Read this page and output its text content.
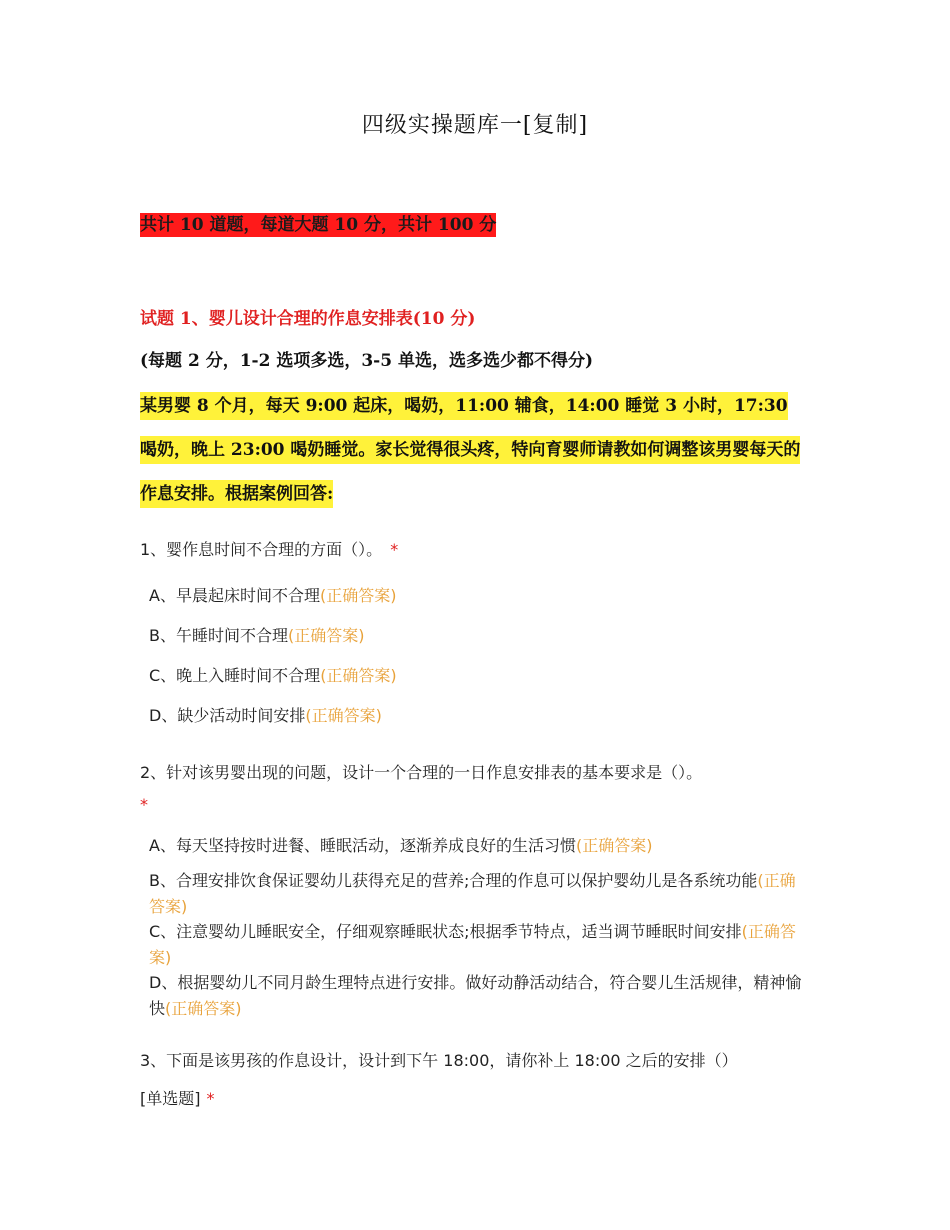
四级实操题库一[复制]
共计 10 道题，每道大题 10 分，共计 100 分
试题 1、婴儿设计合理的作息安排表(10 分)
(每题 2 分，1-2 选项多选，3-5 单选，选多选少都不得分)
某男婴 8 个月，每天 9:00 起床，喝奶，11:00 辅食，14:00 睡觉 3 小时，17:30 喝奶，晚上 23:00 喝奶睡觉。家长觉得很头疼，特向育婴师请教如何调整该男婴每天的作息安排。根据案例回答:
1、婴作息时间不合理的方面（）。 *
A、早晨起床时间不合理(正确答案)
B、午睡时间不合理(正确答案)
C、晚上入睡时间不合理(正确答案)
D、缺少活动时间安排(正确答案)
2、针对该男婴出现的问题，设计一个合理的一日作息安排表的基本要求是（）。
*
A、每天坚持按时进餐、睡眠活动，逐渐养成良好的生活习惯(正确答案)
B、合理安排饮食保证婴幼儿获得充足的营养;合理的作息可以保护婴幼儿是各系统功能(正确答案)
C、注意婴幼儿睡眠安全，仔细观察睡眠状态;根据季节特点，适当调节睡眠时间安排(正确答案)
D、根据婴幼儿不同月龄生理特点进行安排。做好动静活动结合，符合婴儿生活规律，精神愉快(正确答案)
3、下面是该男孩的作息设计，设计到下午 18:00，请你补上 18:00 之后的安排（）
[单选题] *
